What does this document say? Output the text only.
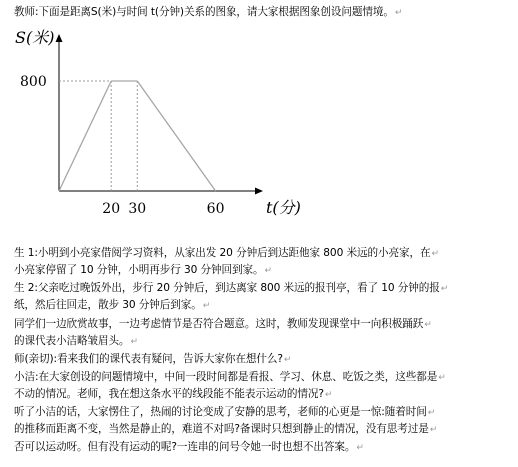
800
20 30	60
S(米)
t(分)
教师:下面是距离S(米)与时间 t(分钟)关系的图象，请大家根据图象创设问题情境。↵
生 1:小明到小亮家借阅学习资料，从家出发 20 分钟后到达距他家 800 米远的小亮家，在↵
小亮家停留了 10 分钟，小明再步行 30 分钟回到家。↵
生 2:父亲吃过晚饭外出，步行 20 分钟后，到达离家 800 米远的报刊亭，看了 10 分钟的报↵
纸，然后往回走，散步 30 分钟后到家。↵
同学们一边欣赏故事，一边考虑情节是否符合题意。这时，教师发现课堂中一向积极踊跃↵
的课代表小洁略皱眉头。↵
师(亲切):看来我们的课代表有疑问，告诉大家你在想什么?↵
小洁:在大家创设的问题情境中，中间一段时间都是看报、学习、休息、吃饭之类，这些都是↵
不动的情况。老师，我在想这条水平的线段能不能表示运动的情况?↵
听了小洁的话，大家愣住了，热闹的讨论变成了安静的思考，老师的心更是一惊:随着时间↵
的推移而距离不变，当然是静止的，难道不对吗?备课时只想到静止的情况，没有思考过是↵
否可以运动呀。但有没有运动的呢?一连串的问号令她一时也想不出答案。↵
